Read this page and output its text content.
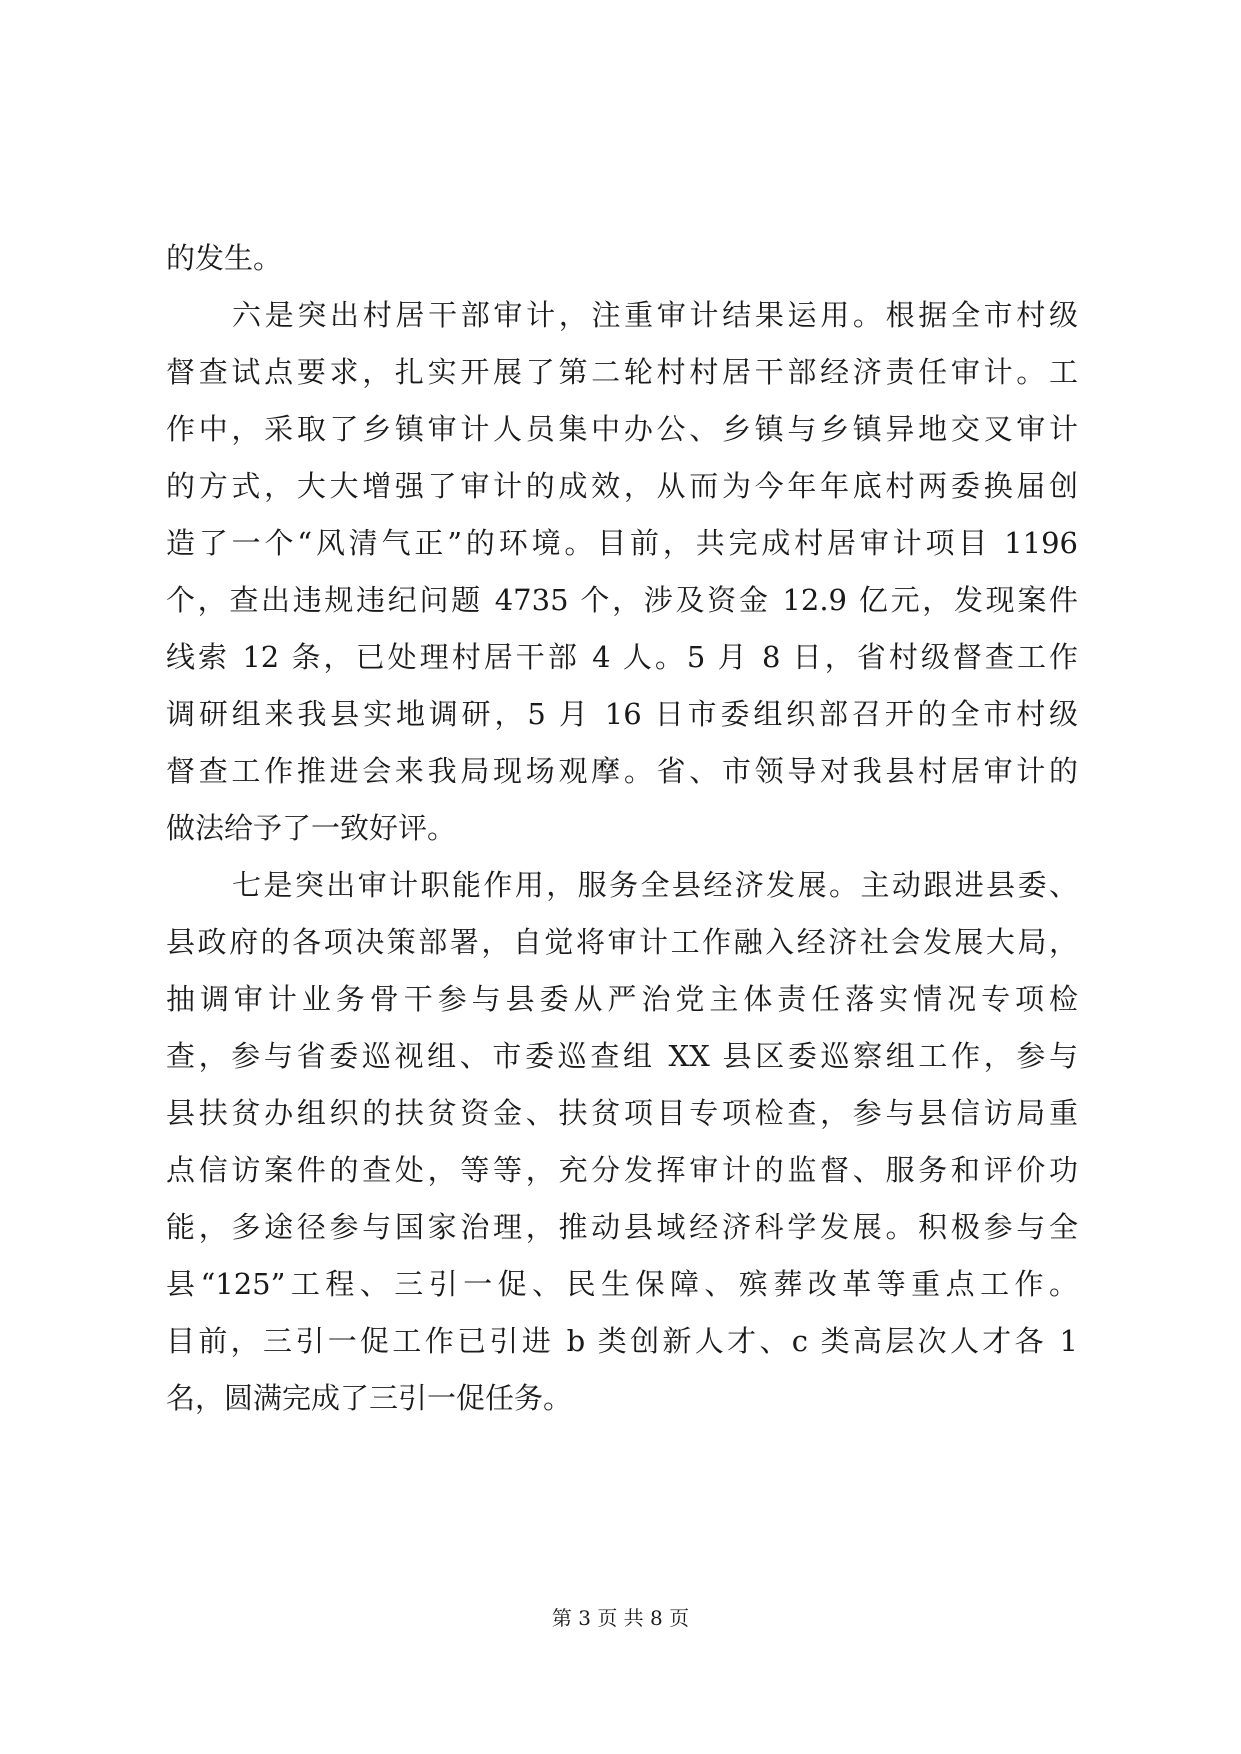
的发生。
六是突出村居干部审计，注重审计结果运用。根据全市村级
督查试点要求，扎实开展了第二轮村村居干部经济责任审计。工
作中，采取了乡镇审计人员集中办公、乡镇与乡镇异地交叉审计
的方式，大大增强了审计的成效，从而为今年年底村两委换届创
造了一个“风清气正”的环境。目前，共完成村居审计项目 1196
个，查出违规违纪问题 4735 个，涉及资金 12.9 亿元，发现案件
线索 12 条，已处理村居干部 4 人。5 月 8 日，省村级督查工作
调研组来我县实地调研，5 月 16 日市委组织部召开的全市村级
督查工作推进会来我局现场观摩。省、市领导对我县村居审计的
做法给予了一致好评。
七是突出审计职能作用，服务全县经济发展。主动跟进县委、
县政府的各项决策部署，自觉将审计工作融入经济社会发展大局，
抽调审计业务骨干参与县委从严治党主体责任落实情况专项检
查，参与省委巡视组、市委巡查组 XX 县区委巡察组工作，参与
县扶贫办组织的扶贫资金、扶贫项目专项检查，参与县信访局重
点信访案件的查处，等等，充分发挥审计的监督、服务和评价功
能，多途径参与国家治理，推动县域经济科学发展。积极参与全
县“125”工程、三引一促、民生保障、殡葬改革等重点工作。
目前，三引一促工作已引进 b 类创新人才、c 类高层次人才各 1
名，圆满完成了三引一促任务。
第 3 页 共 8 页
